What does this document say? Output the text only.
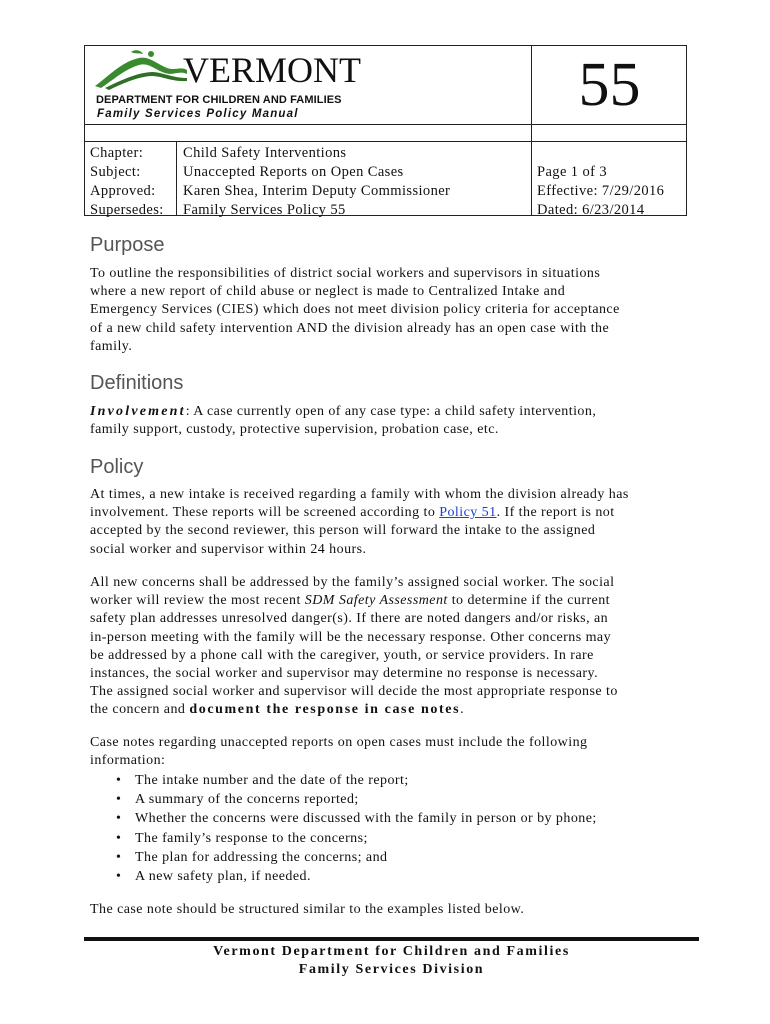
VERMONT
DEPARTMENT FOR CHILDREN AND FAMILIES
Family Services Policy Manual	55
Chapter:
Subject:
Approved:
Supersedes:
Child Safety Interventions
Unaccepted Reports on Open Cases
Karen Shea, Interim Deputy Commissioner
Family Services Policy 55
Page 1 of 3
Effective: 7/29/2016
Dated: 6/23/2014
Purpose
To outline the responsibilities of district social workers and supervisors in situations
where a new report of child abuse or neglect is made to Centralized Intake and
Emergency Services (CIES) which does not meet division policy criteria for acceptance
of a new child safety intervention AND the division already has an open case with the
family.
Definitions
Involvement: A case currently open of any case type: a child safety intervention,
family support, custody, protective supervision, probation case, etc.
Policy
At times, a new intake is received regarding a family with whom the division already has
involvement. These reports will be screened according to Policy 51. If the report is not
accepted by the second reviewer, this person will forward the intake to the assigned
social worker and supervisor within 24 hours.
All new concerns shall be addressed by the family’s assigned social worker. The social
worker will review the most recent SDM Safety Assessment to determine if the current
safety plan addresses unresolved danger(s). If there are noted dangers and/or risks, an
in-person meeting with the family will be the necessary response. Other concerns may
be addressed by a phone call with the caregiver, youth, or service providers. In rare
instances, the social worker and supervisor may determine no response is necessary.
The assigned social worker and supervisor will decide the most appropriate response to
the concern and document the response in case notes.
Case notes regarding unaccepted reports on open cases must include the following
information:
• The intake number and the date of the report;
• A summary of the concerns reported;
• Whether the concerns were discussed with the family in person or by phone;
• The family’s response to the concerns;
• The plan for addressing the concerns; and
• A new safety plan, if needed.
The case note should be structured similar to the examples listed below.
Vermont Department for Children and Families
Family Services Division
